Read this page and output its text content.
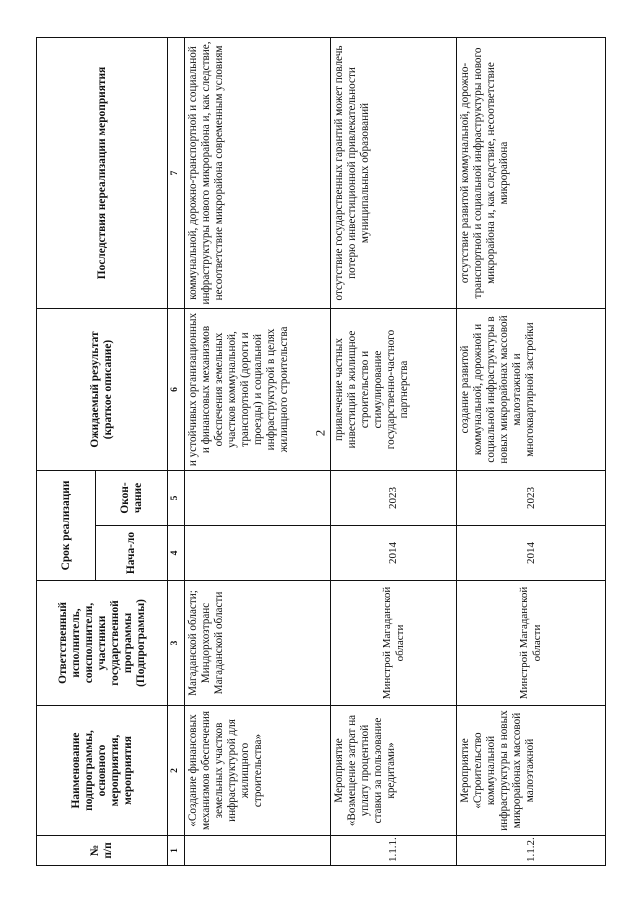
2
№ п/п	Наименование подпрограммы, основного мероприятия, мероприятия	Ответственный исполнитель, соисполнители, участники государственной программы (Подпрограммы)	Срок реализации		Ожидаемый результат (краткое описание)	Последствия нереализации мероприятия
			Нача-ло	Окон-чание		
1	2	3	4	5	6	7
	«Создание финансовых механизмов обеспечения земельных участков инфраструктурой для жилищного строительства»	Магаданской области; Миндорхозтранс Магаданской области			и устойчивых организационных и финансовых механизмов обеспечения земельных участков коммунальной, транспортной (дороги и проезды) и социальной инфраструктурой в целях жилищного строительства	коммунальной, дорожно-транспортной и социальной инфраструктуры нового микрорайона и, как следствие, несоответствие микрорайона современным условиям
1.1.1.	Мероприятие «Возмещение затрат на уплату процентной ставки за пользование кредитами»	Минстрой Магаданской области	2014	2023	привлечение частных инвестиций в жилищное строительство и стимулирование государственно-частного партнерства	отсутствие государственных гарантий может повлечь потерю инвестиционной привлекательности муниципальных образований
1.1.2.	Мероприятие «Строительство коммунальной инфраструктуры в новых микрорайонах массовой малоэтажной	Минстрой Магаданской области	2014	2023	создание развитой коммунальной, дорожной и социальной инфраструктуры в новых микрорайонах массовой малоэтажной и многоквартирной застройки	отсутствие развитой коммунальной, дорожно-транспортной и социальной инфраструктуры нового микрорайона и, как следствие, несоответствие микрорайона
